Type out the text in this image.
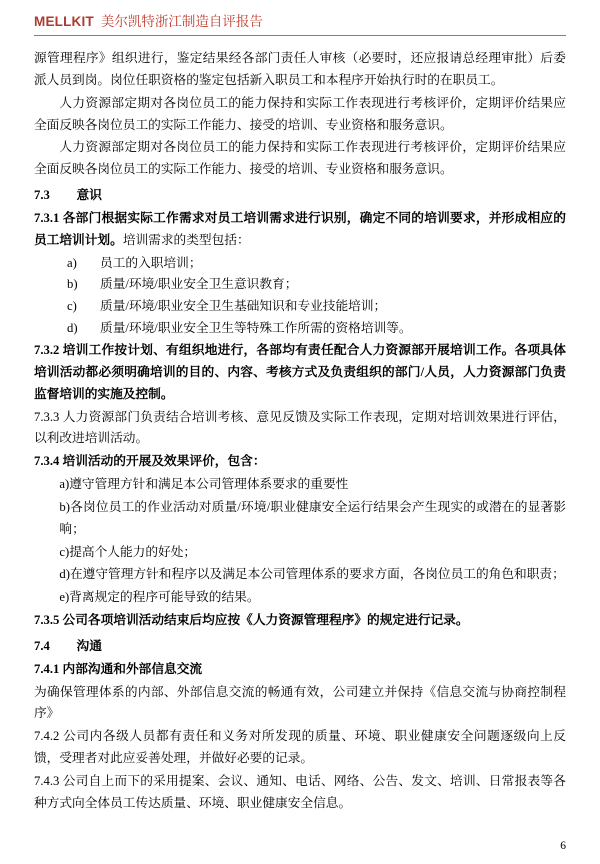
MELLKIT 美尔凯特浙江制造自评报告

源管理程序》组织进行，鉴定结果经各部门责任人审核（必要时，还应报请总经理审批）后委派人员到岗。岗位任职资格的鉴定包括新入职员工和本程序开始执行时的在职员工。

人力资源部定期对各岗位员工的能力保持和实际工作表现进行考核评价，定期评价结果应全面反映各岗位员工的实际工作能力、接受的培训、专业资格和服务意识。

人力资源部定期对各岗位员工的能力保持和实际工作表现进行考核评价，定期评价结果应全面反映各岗位员工的实际工作能力、接受的培训、专业资格和服务意识。

7.3 意识

7.3.1 各部门根据实际工作需求对员工培训需求进行识别，确定不同的培训要求，并形成相应的员工培训计划。培训需求的类型包括：

a)	员工的入职培训；
b)	质量/环境/职业安全卫生意识教育；
c)	质量/环境/职业安全卫生基础知识和专业技能培训；
d)	质量/环境/职业安全卫生等特殊工作所需的资格培训等。

7.3.2 培训工作按计划、有组织地进行，各部均有责任配合人力资源部开展培训工作。各项具体培训活动都必须明确培训的目的、内容、考核方式及负责组织的部门/人员，人力资源部门负责监督培训的实施及控制。

7.3.3 人力资源部门负责结合培训考核、意见反馈及实际工作表现，定期对培训效果进行评估，以利改进培训活动。

7.3.4 培训活动的开展及效果评价，包含：

a)遵守管理方针和满足本公司管理体系要求的重要性

b)各岗位员工的作业活动对质量/环境/职业健康安全运行结果会产生现实的或潜在的显著影响；

c)提高个人能力的好处；

d)在遵守管理方针和程序以及满足本公司管理体系的要求方面，各岗位员工的角色和职责；

e)背离规定的程序可能导致的结果。

7.3.5 公司各项培训活动结束后均应按《人力资源管理程序》的规定进行记录。

7.4 沟通

7.4.1 内部沟通和外部信息交流

为确保管理体系的内部、外部信息交流的畅通有效，公司建立并保持《信息交流与协商控制程序》

7.4.2 公司内各级人员都有责任和义务对所发现的质量、环境、职业健康安全问题逐级向上反馈，受理者对此应妥善处理，并做好必要的记录。

7.4.3 公司自上而下的采用提案、会议、通知、电话、网络、公告、发文、培训、日常报表等各种方式向全体员工传达质量、环境、职业健康安全信息。

6
